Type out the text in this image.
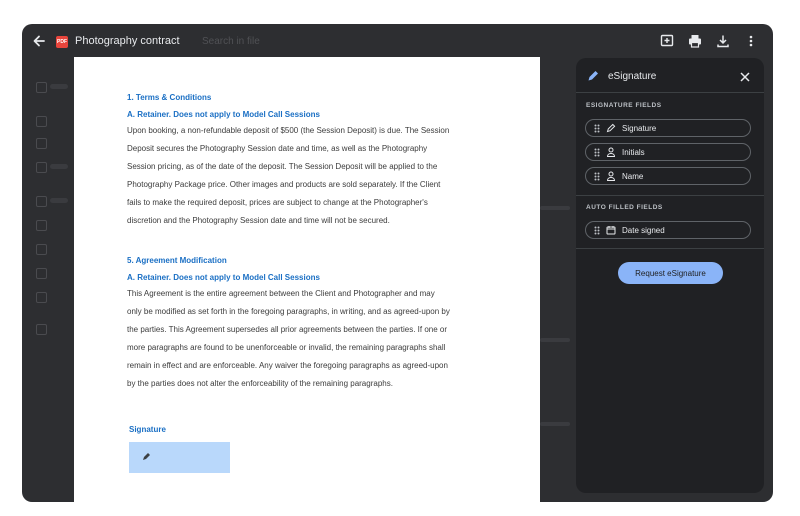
PDF Photography contract Search in file
1. Terms & Conditions
A. Retainer. Does not apply to Model Call Sessions
Upon booking, a non-refundable deposit of $500 (the Session Deposit) is due. The Session
Deposit secures the Photography Session date and time, as well as the Photography
Session pricing, as of the date of the deposit. The Session Deposit will be applied to the
Photography Package price. Other images and products are sold separately. If the Client
fails to make the required deposit, prices are subject to change at the Photographer's
discretion and the Photography Session date and time will not be secured.
5. Agreement Modification
A. Retainer. Does not apply to Model Call Sessions
This Agreement is the entire agreement between the Client and Photographer and may
only be modified as set forth in the foregoing paragraphs, in writing, and as agreed-upon by
the parties. This Agreement supersedes all prior agreements between the parties. If one or
more paragraphs are found to be unenforceable or invalid, the remaining paragraphs shall
remain in effect and are enforceable. Any waiver the foregoing paragraphs as agreed-upon
by the parties does not alter the enforceability of the remaining paragraphs.
Signature
eSignature
ESIGNATURE FIELDS
Signature
Initials
Name
AUTO FILLED FIELDS
Date signed
Request eSignature
